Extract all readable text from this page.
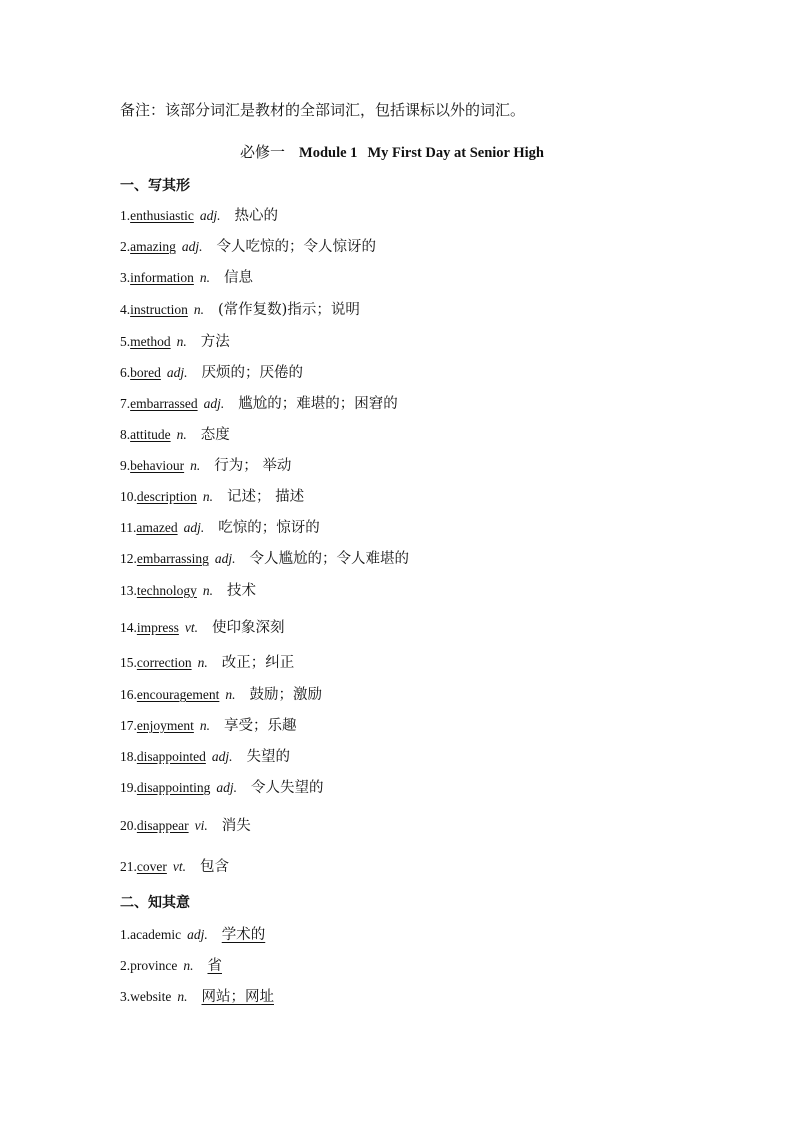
备注：该部分词汇是教材的全部词汇，包括课标以外的词汇。
必修一 Module 1 My First Day at Senior High
一、写其形
1.enthusiastic adj. 热心的
2.amazing adj. 令人吃惊的；令人惊讶的
3.information n. 信息
4.instruction n. (常作复数)指示；说明
5.method n. 方法
6.bored adj. 厌烦的；厌倦的
7.embarrassed adj. 尴尬的；难堪的；困窘的
8.attitude n. 态度
9.behaviour n. 行为； 举动
10.description n. 记述； 描述
11.amazed adj. 吃惊的；惊讶的
12.embarrassing adj. 令人尴尬的；令人难堪的
13.technology n. 技术
14.impress vt. 使印象深刻
15.correction n. 改正；纠正
16.encouragement n. 鼓励；激励
17.enjoyment n. 享受；乐趣
18.disappointed adj. 失望的
19.disappointing adj. 令人失望的
20.disappear vi. 消失
21.cover vt. 包含
二、知其意
1.academic adj. 学术的
2.province n. 省
3.website n. 网站；网址
